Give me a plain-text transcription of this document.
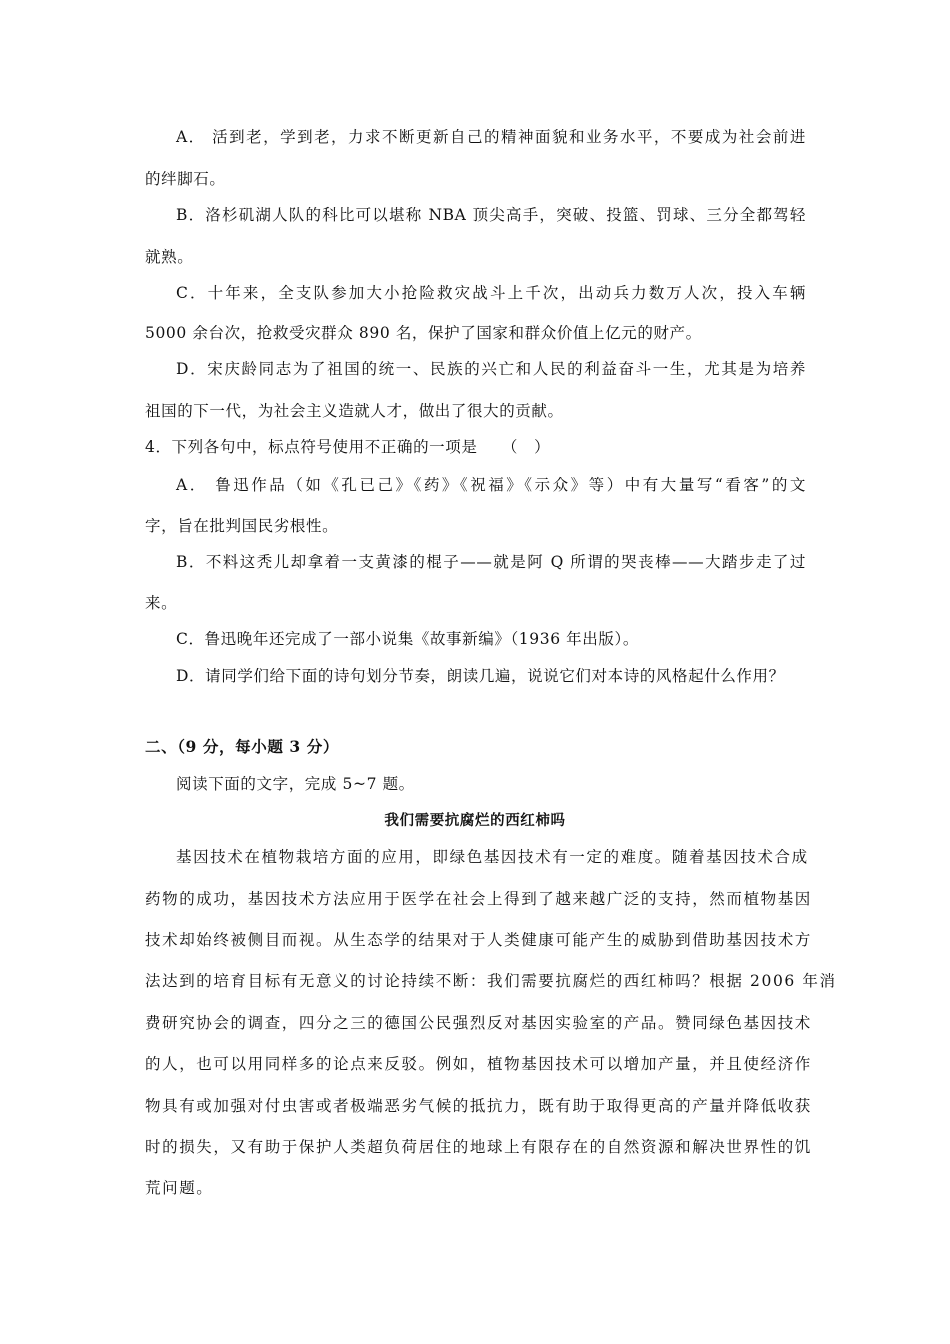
A． 活到老，学到老，力求不断更新自己的精神面貌和业务水平，不要成为社会前进
的绊脚石。
B．洛杉矶湖人队的科比可以堪称 NBA 顶尖高手，突破、投篮、罚球、三分全都驾轻
就熟。
C．十年来，全支队参加大小抢险救灾战斗上千次，出动兵力数万人次，投入车辆
5000 余台次，抢救受灾群众 890 名，保护了国家和群众价值上亿元的财产。
D．宋庆龄同志为了祖国的统一、民族的兴亡和人民的利益奋斗一生，尤其是为培养
祖国的下一代，为社会主义造就人才，做出了很大的贡献。
4．下列各句中，标点符号使用不正确的一项是　　（　）
A． 鲁迅作品（如《孔已己》《药》《祝福》《示众》等）中有大量写“看客”的文
字，旨在批判国民劣根性。
B．不料这秃儿却拿着一支黄漆的棍子——就是阿 Q 所谓的哭丧棒——大踏步走了过
来。
C．鲁迅晚年还完成了一部小说集《故事新编》（1936 年出版）。
D．请同学们给下面的诗句划分节奏，朗读几遍，说说它们对本诗的风格起什么作用？
二、（9 分，每小题 3 分）
阅读下面的文字，完成 5~7 题。
我们需要抗腐烂的西红柿吗
基因技术在植物栽培方面的应用，即绿色基因技术有一定的难度。随着基因技术合成
药物的成功，基因技术方法应用于医学在社会上得到了越来越广泛的支持，然而植物基因
技术却始终被侧目而视。从生态学的结果对于人类健康可能产生的威胁到借助基因技术方
法达到的培育目标有无意义的讨论持续不断：我们需要抗腐烂的西红柿吗？根据 2006 年消
费研究协会的调查，四分之三的德国公民强烈反对基因实验室的产品。赞同绿色基因技术
的人，也可以用同样多的论点来反驳。例如，植物基因技术可以增加产量，并且使经济作
物具有或加强对付虫害或者极端恶劣气候的抵抗力，既有助于取得更高的产量并降低收获
时的损失，又有助于保护人类超负荷居住的地球上有限存在的自然资源和解决世界性的饥
荒问题。
